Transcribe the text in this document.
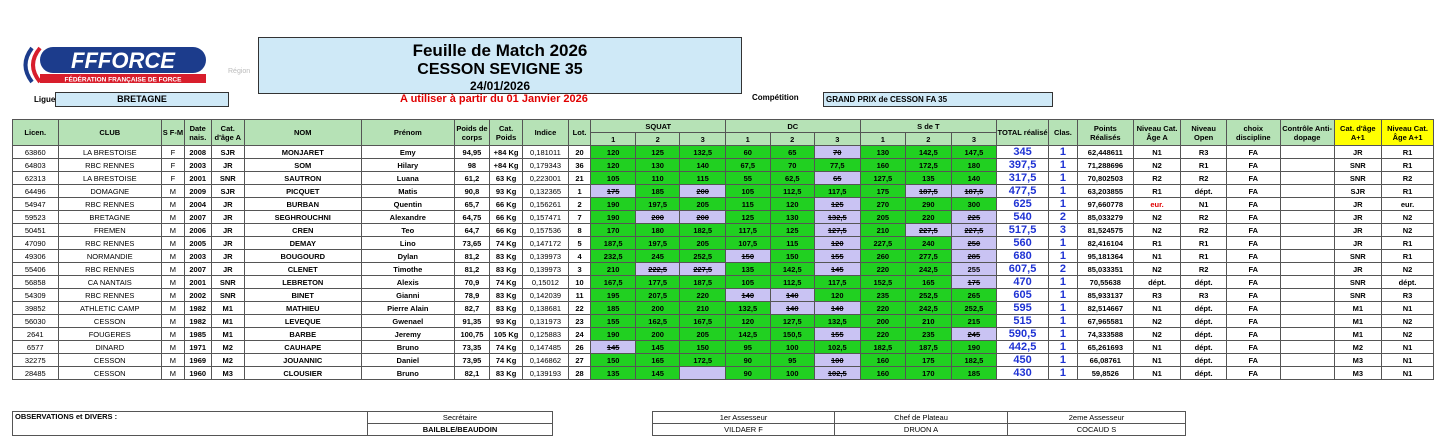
FFFORCE
FÉDÉRATION FRANÇAISE DE FORCE
Région
Feuille de Match 2026
CESSON SEVIGNE 35
24/01/2026
Ligue	BRETAGNE	A utiliser à partir du 01 Janvier 2026	Compétition	GRAND PRIX de CESSON FA 35
Licen.	CLUB	S F-M	Date nais.	Cat. d'âge A	NOM	Prénom	Poids de corps	Cat. Poids	Indice	Lot.	SQUAT			DC			S de T			TOTAL réalisé	Clas.	Points Réalisés	Niveau Cat. Âge A	Niveau Open	choix discipline	Contrôle Anti-dopage	Cat. d'âge A+1	Niveau Cat. Âge A+1
											1	2	3	1	2	3	1	2	3									
63860	LA BRESTOISE	F	2008	SJR	MONJARET	Emy	94,95	+84 Kg	0,181011	20	120	125	132,5	60	65	70	130	142,5	147,5	345	1	62,448611	N1	R3	FA		JR	R1
64803	RBC RENNES	F	2003	JR	SOM	Hilary	98	+84 Kg	0,179343	36	120	130	140	67,5	70	77,5	160	172,5	180	397,5	1	71,288696	N2	R1	FA		SNR	R1
62313	LA BRESTOISE	F	2001	SNR	SAUTRON	Luana	61,2	63 Kg	0,223001	21	105	110	115	55	62,5	65	127,5	135	140	317,5	1	70,802503	R2	R2	FA		SNR	R2
64496	DOMAGNE	M	2009	SJR	PICQUET	Matis	90,8	93 Kg	0,132365	1	175	185	200	105	112,5	117,5	175	187,5	187,5	477,5	1	63,203855	R1	dépt.	FA		SJR	R1
54947	RBC RENNES	M	2004	JR	BURBAN	Quentin	65,7	66 Kg	0,156261	2	190	197,5	205	115	120	125	270	290	300	625	1	97,660778	eur.	N1	FA		JR	eur.
59523	BRETAGNE	M	2007	JR	SEGHROUCHNI	Alexandre	64,75	66 Kg	0,157471	7	190	200	200	125	130	132,5	205	220	225	540	2	85,033279	N2	R2	FA		JR	N2
50451	FREMEN	M	2006	JR	CREN	Teo	64,7	66 Kg	0,157536	8	170	180	182,5	117,5	125	127,5	210	227,5	227,5	517,5	3	81,524575	N2	R2	FA		JR	N2
47090	RBC RENNES	M	2005	JR	DEMAY	Lino	73,65	74 Kg	0,147172	5	187,5	197,5	205	107,5	115	120	227,5	240	250	560	1	82,416104	R1	R1	FA		JR	R1
49306	NORMANDIE	M	2003	JR	BOUGOURD	Dylan	81,2	83 Kg	0,139973	4	232,5	245	252,5	150	150	155	260	277,5	285	680	1	95,181364	N1	R1	FA		SNR	R1
55406	RBC RENNES	M	2007	JR	CLENET	Timothe	81,2	83 Kg	0,139973	3	210	222,5	227,5	135	142,5	145	220	242,5	255	607,5	2	85,033351	N2	R2	FA		JR	N2
56858	CA NANTAIS	M	2001	SNR	LEBRETON	Alexis	70,9	74 Kg	0,15012	10	167,5	177,5	187,5	105	112,5	117,5	152,5	165	175	470	1	70,55638	dépt.	dépt.	FA		SNR	dépt.
54309	RBC RENNES	M	2002	SNR	BINET	Gianni	78,9	83 Kg	0,142039	11	195	207,5	220	140	140	120	235	252,5	265	605	1	85,933137	R3	R3	FA		SNR	R3
39852	ATHLETIC CAMP	M	1982	M1	MATHIEU	Pierre Alain	82,7	83 Kg	0,138681	22	185	200	210	132,5	140	140	220	242,5	252,5	595	1	82,514667	N1	dépt.	FA		M1	N1
56030	CESSON	M	1982	M1	LEVEQUE	Gwenael	91,35	93 Kg	0,131973	23	155	162,5	167,5	120	127,5	132,5	200	210	215	515	1	67,965581	N2	dépt.	FA		M1	N2
2641	FOUGERES	M	1985	M1	BARBE	Jeremy	100,75	105 Kg	0,125883	24	190	200	205	142,5	150,5	155	220	235	245	590,5	1	74,333588	N2	dépt.	FA		M1	N2
6577	DINARD	M	1971	M2	CAUHAPE	Bruno	73,35	74 Kg	0,147485	26	145	145	150	95	100	102,5	182,5	187,5	190	442,5	1	65,261693	N1	dépt.	FA		M2	N1
32275	CESSON	M	1969	M2	JOUANNIC	Daniel	73,95	74 Kg	0,146862	27	150	165	172,5	90	95	100	160	175	182,5	450	1	66,08761	N1	dépt.	FA		M3	N1
28485	CESSON	M	1960	M3	CLOUSIER	Bruno	82,1	83 Kg	0,139193	28	135	145		90	100	102,5	160	170	185	430	1	59,8526	N1	dépt.	FA		M3	N1
OBSERVATIONS et DIVERS :	Secrétaire		1er Assesseur	Chef de Plateau	2eme Assesseur	
	BAILBLE/BEAUDOIN		VILDAER F	DRUON A	COCAUD S	
